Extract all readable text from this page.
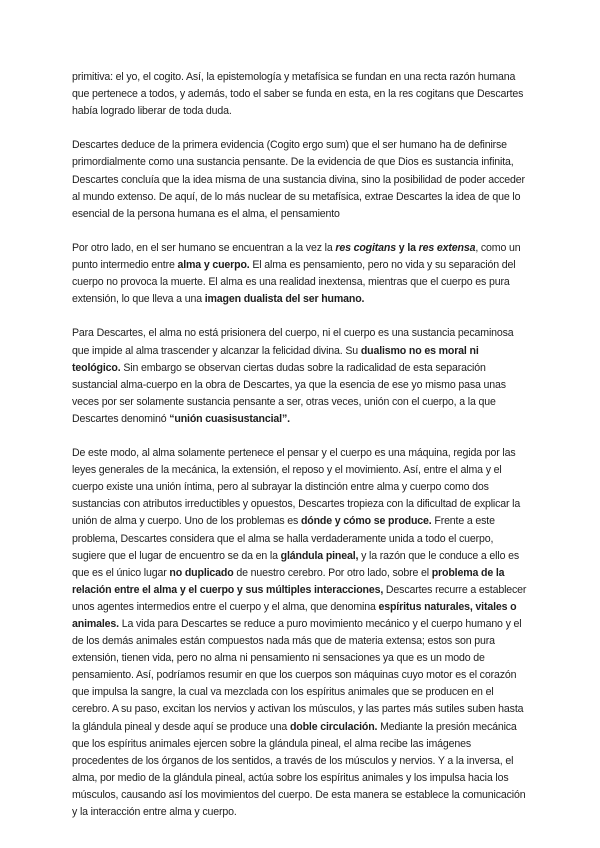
primitiva: el yo, el cogito. Así, la epistemología y metafísica se fundan en una recta razón humana que pertenece a todos, y además, todo el saber se funda en esta, en la res cogitans que Descartes había logrado liberar de toda duda.

Descartes deduce de la primera evidencia (Cogito ergo sum) que el ser humano ha de definirse primordialmente como una sustancia pensante. De la evidencia de que Dios es sustancia infinita, Descartes concluía que la idea misma de una sustancia divina, sino la posibilidad de poder acceder al mundo extenso. De aquí, de lo más nuclear de su metafísica, extrae Descartes la idea de que lo esencial de la persona humana es el alma, el pensamiento

Por otro lado, en el ser humano se encuentran a la vez la res cogitans y la res extensa, como un punto intermedio entre alma y cuerpo. El alma es pensamiento, pero no vida y su separación del cuerpo no provoca la muerte. El alma es una realidad inextensa, mientras que el cuerpo es pura extensión, lo que lleva a una imagen dualista del ser humano.

Para Descartes, el alma no está prisionera del cuerpo, ni el cuerpo es una sustancia pecaminosa que impide al alma trascender y alcanzar la felicidad divina. Su dualismo no es moral ni teológico. Sin embargo se observan ciertas dudas sobre la radicalidad de esta separación sustancial alma-cuerpo en la obra de Descartes, ya que la esencia de ese yo mismo pasa unas veces por ser solamente sustancia pensante a ser, otras veces, unión con el cuerpo, a la que Descartes denominó “unión cuasisustancial”.

De este modo, al alma solamente pertenece el pensar y el cuerpo es una máquina, regida por las leyes generales de la mecánica, la extensión, el reposo y el movimiento. Así, entre el alma y el cuerpo existe una unión íntima, pero al subrayar la distinción entre alma y cuerpo como dos sustancias con atributos irreductibles y opuestos, Descartes tropieza con la dificultad de explicar la unión de alma y cuerpo. Uno de los problemas es dónde y cómo se produce. Frente a este problema, Descartes considera que el alma se halla verdaderamente unida a todo el cuerpo, sugiere que el lugar de encuentro se da en la glándula pineal, y la razón que le conduce a ello es que es el único lugar no duplicado de nuestro cerebro. Por otro lado, sobre el problema de la relación entre el alma y el cuerpo y sus múltiples interacciones, Descartes recurre a establecer unos agentes intermedios entre el cuerpo y el alma, que denomina espíritus naturales, vitales o animales. La vida para Descartes se reduce a puro movimiento mecánico y el cuerpo humano y el de los demás animales están compuestos nada más que de materia extensa; estos son pura extensión, tienen vida, pero no alma ni pensamiento ni sensaciones ya que es un modo de pensamiento. Así, podríamos resumir en que los cuerpos son máquinas cuyo motor es el corazón que impulsa la sangre, la cual va mezclada con los espíritus animales que se producen en el cerebro. A su paso, excitan los nervios y activan los músculos, y las partes más sutiles suben hasta la glándula pineal y desde aquí se produce una doble circulación. Mediante la presión mecánica que los espíritus animales ejercen sobre la glándula pineal, el alma recibe las imágenes procedentes de los órganos de los sentidos, a través de los músculos y nervios. Y a la inversa, el alma, por medio de la glándula pineal, actúa sobre los espíritus animales y los impulsa hacia los músculos, causando así los movimientos del cuerpo. De esta manera se establece la comunicación y la interacción entre alma y cuerpo.
